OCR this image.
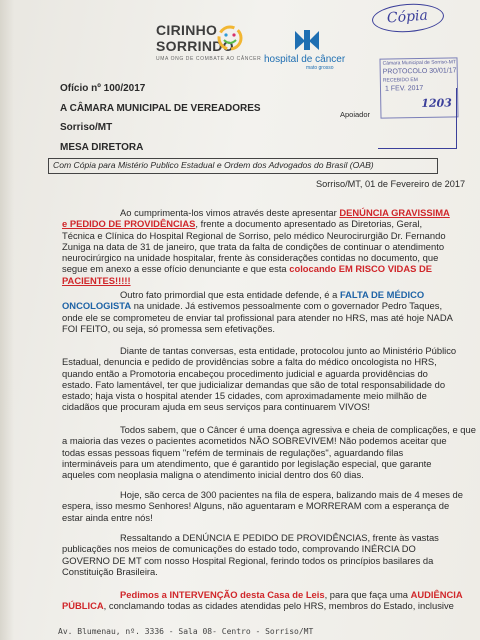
CIRINHO
SORRINDO
UMA ONG DE COMBATE AO CÂNCER hospital de câncer
mato grosso
Cópia
Câmara Municipal de Sorriso-MT
PROTOCOLO 30/01/17
RECEBIDO EM
1 FEV. 2017
1203
Apoiador
Ofício nº 100/2017
A CÂMARA MUNICIPAL DE VEREADORES
Sorriso/MT
MESA DIRETORA
Com Cópia para Mistério Publico Estadual e Ordem dos Advogados do Brasil (OAB)
Sorriso/MT, 01 de Fevereiro de 2017
Ao cumprimenta-los vimos através deste apresentar DENÚNCIA GRAVISSIMA
e PEDIDO DE PROVIDÊNCIAS, frente a documento apresentado as Diretorias, Geral,
Técnica e Clínica do Hospital Regional de Sorriso, pelo médico Neurocirurgião Dr. Fernando
Zuniga na data de 31 de janeiro, que trata da falta de condições de continuar o atendimento
neurocirúrgico na unidade hospitalar, frente às considerações contidas no documento, que
segue em anexo a esse ofício denunciante e que esta colocando EM RISCO VIDAS DE
PACIENTES!!!!!
Outro fato primordial que esta entidade defende, é a FALTA DE MÉDICO
ONCOLOGISTA na unidade. Já estivemos pessoalmente com o governador Pedro Taques,
onde ele se comprometeu de enviar tal profissional para atender no HRS, mas até hoje NADA
FOI FEITO, ou seja, só promessa sem efetivações.
Diante de tantas conversas, esta entidade, protocolou junto ao Ministério Público
Estadual, denuncia e pedido de providências sobre a falta do médico oncologista no HRS,
quando então a Promotoria encabeçou procedimento judicial e aguarda providências do
estado. Fato lamentável, ter que judicializar demandas que são de total responsabilidade do
estado; haja vista o hospital atender 15 cidades, com aproximadamente meio milhão de
cidadãos que procuram ajuda em seus serviços para continuarem VIVOS!
Todos sabem, que o Câncer é uma doença agressiva e cheia de complicações, e que
a maioria das vezes o pacientes acometidos NÃO SOBREVIVEM! Não podemos aceitar que
todas essas pessoas fiquem "refém de terminais de regulações", aguardando filas
intermináveis para um atendimento, que é garantido por legislação especial, que garante
aqueles com neoplasia maligna o atendimento inicial dentro dos 60 dias.
Hoje, são cerca de 300 pacientes na fila de espera, balizando mais de 4 meses de
espera, isso mesmo Senhores! Alguns, não aguentaram e MORRERAM com a esperança de
estar ainda entre nós!
Ressaltando a DENÚNCIA E PEDIDO DE PROVIDÊNCIAS, frente às vastas
publicações nos meios de comunicações do estado todo, comprovando INÉRCIA DO
GOVERNO DE MT com nosso Hospital Regional, ferindo todos os princípios basilares da
Constituição Brasileira.
Pedimos a INTERVENÇÃO desta Casa de Leis, para que faça uma AUDIÊNCIA
PÚBLICA, conclamando todas as cidades atendidas pelo HRS, membros do Estado, inclusive
Av. Blumenau, nº. 3336 - Sala 08- Centro - Sorriso/MT
